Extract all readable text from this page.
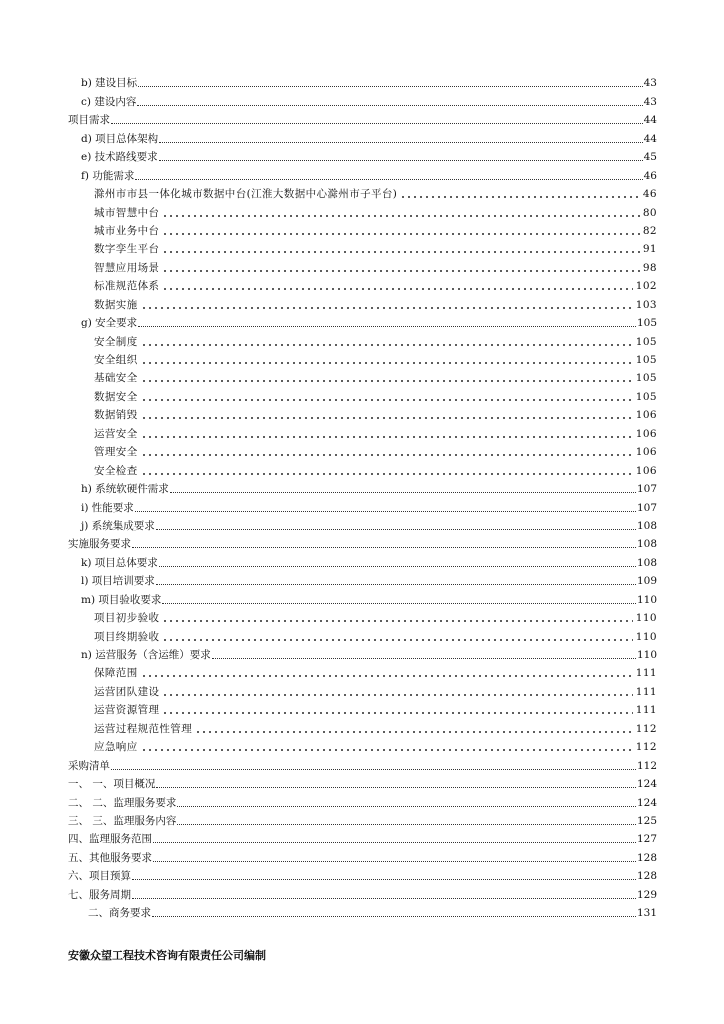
b) 建设目标	43
c) 建设内容	43
项目需求	44
d) 项目总体架构	44
e) 技术路线要求	45
f) 功能需求	46
滁州市市县一体化城市数据中台(江淮大数据中心滁州市子平台)	46
城市智慧中台	80
城市业务中台	82
数字孪生平台	91
智慧应用场景	98
标准规范体系	102
数据实施	103
g) 安全要求	105
安全制度	105
安全组织	105
基础安全	105
数据安全	105
数据销毁	106
运营安全	106
管理安全	106
安全检查	106
h) 系统软硬件需求	107
i) 性能要求	107
j) 系统集成要求	108
实施服务要求	108
k) 项目总体要求	108
l) 项目培训要求	109
m) 项目验收要求	110
项目初步验收	110
项目终期验收	110
n) 运营服务（含运维）要求	110
保障范围	111
运营团队建设	111
运营资源管理	111
运营过程规范性管理	112
应急响应	112
采购清单	112
一、 一、项目概况	124
二、 二、监理服务要求	124
三、 三、监理服务内容	125
四、监理服务范围	127
五、其他服务要求	128
六、项目预算	128
七、服务周期	129
二、商务要求	131
安徽众望工程技术咨询有限责任公司编制
